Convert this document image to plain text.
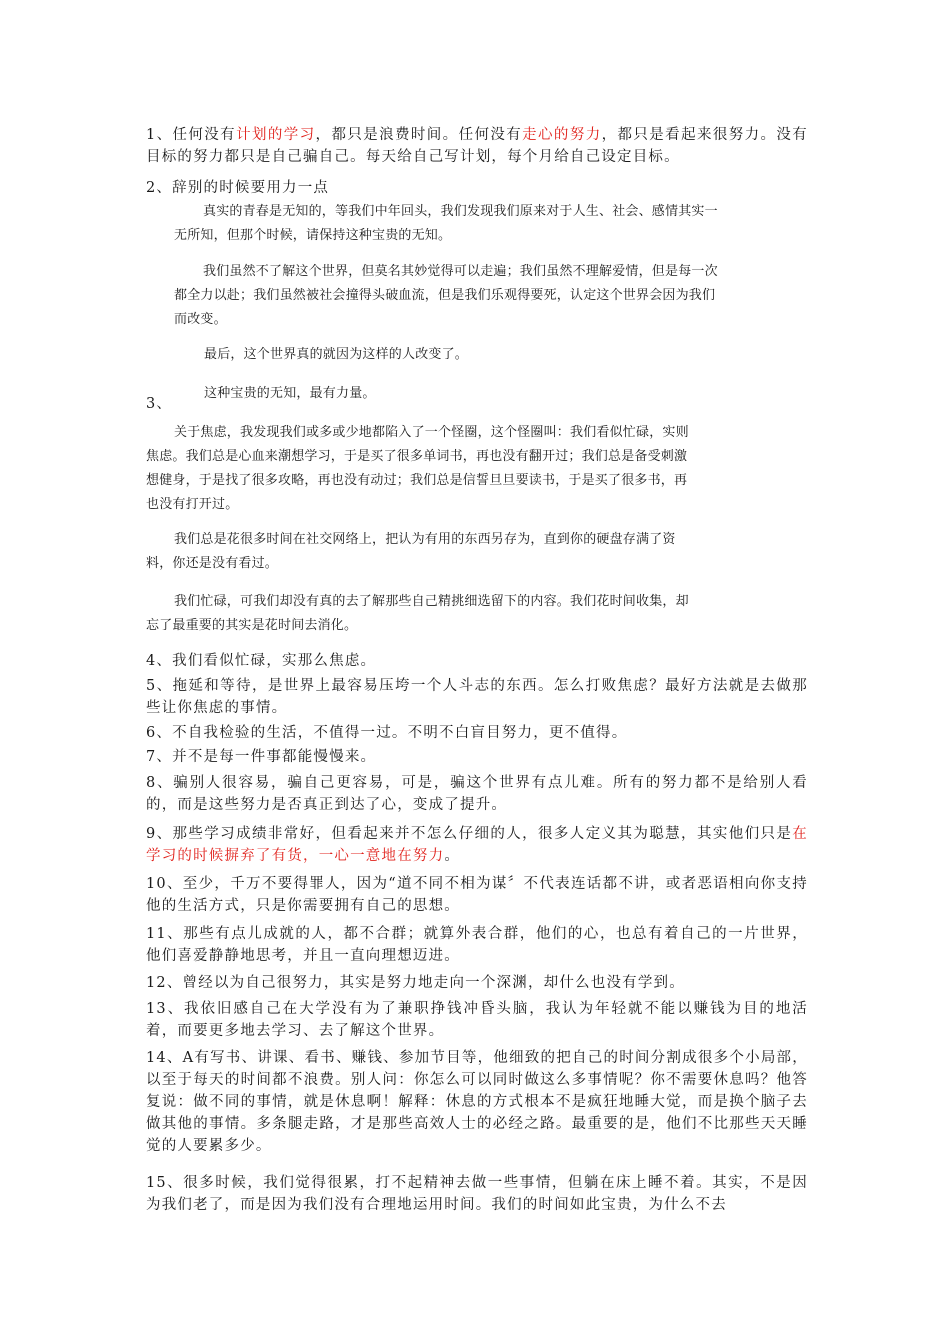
1、任何没有计划的学习，都只是浪费时间。任何没有走心的努力，都只是看起来很努力。没有目标的努力都只是自己骗自己。每天给自己写计划，每个月给自己设定目标。

2、辞别的时候要用力一点

真实的青春是无知的，等我们中年回头，我们发现我们原来对于人生、社会、感情其实一无所知，但那个时候，请保持这种宝贵的无知。

我们虽然不了解这个世界，但莫名其妙觉得可以走遍；我们虽然不理解爱情，但是每一次都全力以赴；我们虽然被社会撞得头破血流，但是我们乐观得要死，认定这个世界会因为我们而改变。

最后，这个世界真的就因为这样的人改变了。

这种宝贵的无知，最有力量。

3、

关于焦虑，我发现我们或多或少地都陷入了一个怪圈，这个怪圈叫：我们看似忙碌，实则焦虑。我们总是心血来潮想学习，于是买了很多单词书，再也没有翻开过；我们总是备受刺激想健身，于是找了很多攻略，再也没有动过；我们总是信誓旦旦要读书，于是买了很多书，再也没有打开过。

我们总是花很多时间在社交网络上，把认为有用的东西另存为，直到你的硬盘存满了资料，你还是没有看过。

我们忙碌，可我们却没有真的去了解那些自己精挑细选留下的内容。我们花时间收集，却忘了最重要的其实是花时间去消化。

4、我们看似忙碌，实那么焦虑。

5、拖延和等待，是世界上最容易压垮一个人斗志的东西。怎么打败焦虑？最好方法就是去做那些让你焦虑的事情。

6、不自我检验的生活，不值得一过。不明不白盲目努力，更不值得。

7、并不是每一件事都能慢慢来。

8、骗别人很容易，骗自己更容易，可是，骗这个世界有点儿难。所有的努力都不是给别人看的，而是这些努力是否真正到达了心，变成了提升。

9、那些学习成绩非常好，但看起来并不怎么仔细的人，很多人定义其为聪慧，其实他们只是在学习的时候摒弃了有货，一心一意地在努力。

10、至少，千万不要得罪人，因为“道不同不相为谋〞不代表连话都不讲，或者恶语相向你支持他的生活方式，只是你需要拥有自己的思想。

11、那些有点儿成就的人，都不合群；就算外表合群，他们的心，也总有着自己的一片世界，他们喜爱静静地思考，并且一直向理想迈进。

12、曾经以为自己很努力，其实是努力地走向一个深渊，却什么也没有学到。

13、我依旧感自己在大学没有为了兼职挣钱冲昏头脑，我认为年轻就不能以赚钱为目的地活着，而要更多地去学习、去了解这个世界。

14、A有写书、讲课、看书、赚钱、参加节目等，他细致的把自己的时间分割成很多个小局部，以至于每天的时间都不浪费。别人问：你怎么可以同时做这么多事情呢？你不需要休息吗？他答复说：做不同的事情，就是休息啊！解释：休息的方式根本不是疯狂地睡大觉，而是换个脑子去做其他的事情。多条腿走路，才是那些高效人士的必经之路。最重要的是，他们不比那些天天睡觉的人要累多少。

15、很多时候，我们觉得很累，打不起精神去做一些事情，但躺在床上睡不着。其实，不是因为我们老了，而是因为我们没有合理地运用时间。我们的时间如此宝贵，为什么不去
